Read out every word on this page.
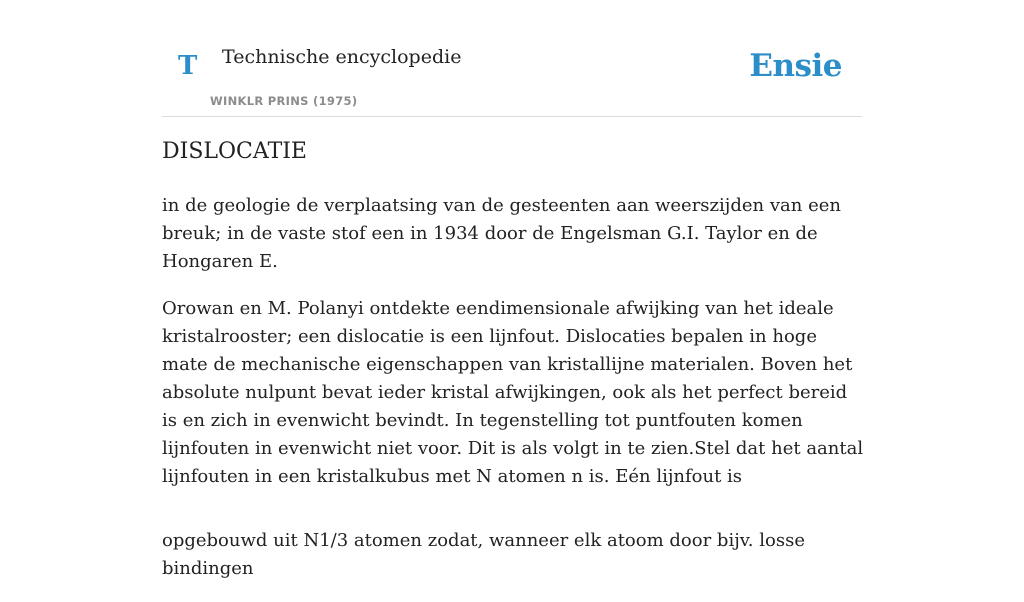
T Technische encyclopedie
WINKLR PRINS (1975)
Ensie
DISLOCATIE

in de geologie de verplaatsing van de gesteenten aan weerszijden van een breuk; in de vaste stof een in 1934 door de Engelsman G.I. Taylor en de Hongaren E.

Orowan en M. Polanyi ontdekte eendimensionale afwijking van het ideale kristalrooster; een dislocatie is een lijnfout. Dislocaties bepalen in hoge mate de mechanische eigenschappen van kristallijne materialen. Boven het absolute nulpunt bevat ieder kristal afwijkingen, ook als het perfect bereid is en zich in evenwicht bevindt. In tegenstelling tot puntfouten komen lijnfouten in evenwicht niet voor. Dit is als volgt in te zien.Stel dat het aantal lijnfouten in een kristalkubus met N atomen n is. Eén lijnfout is

opgebouwd uit N1/3 atomen zodat, wanneer elk atoom door bijv. losse bindingen
